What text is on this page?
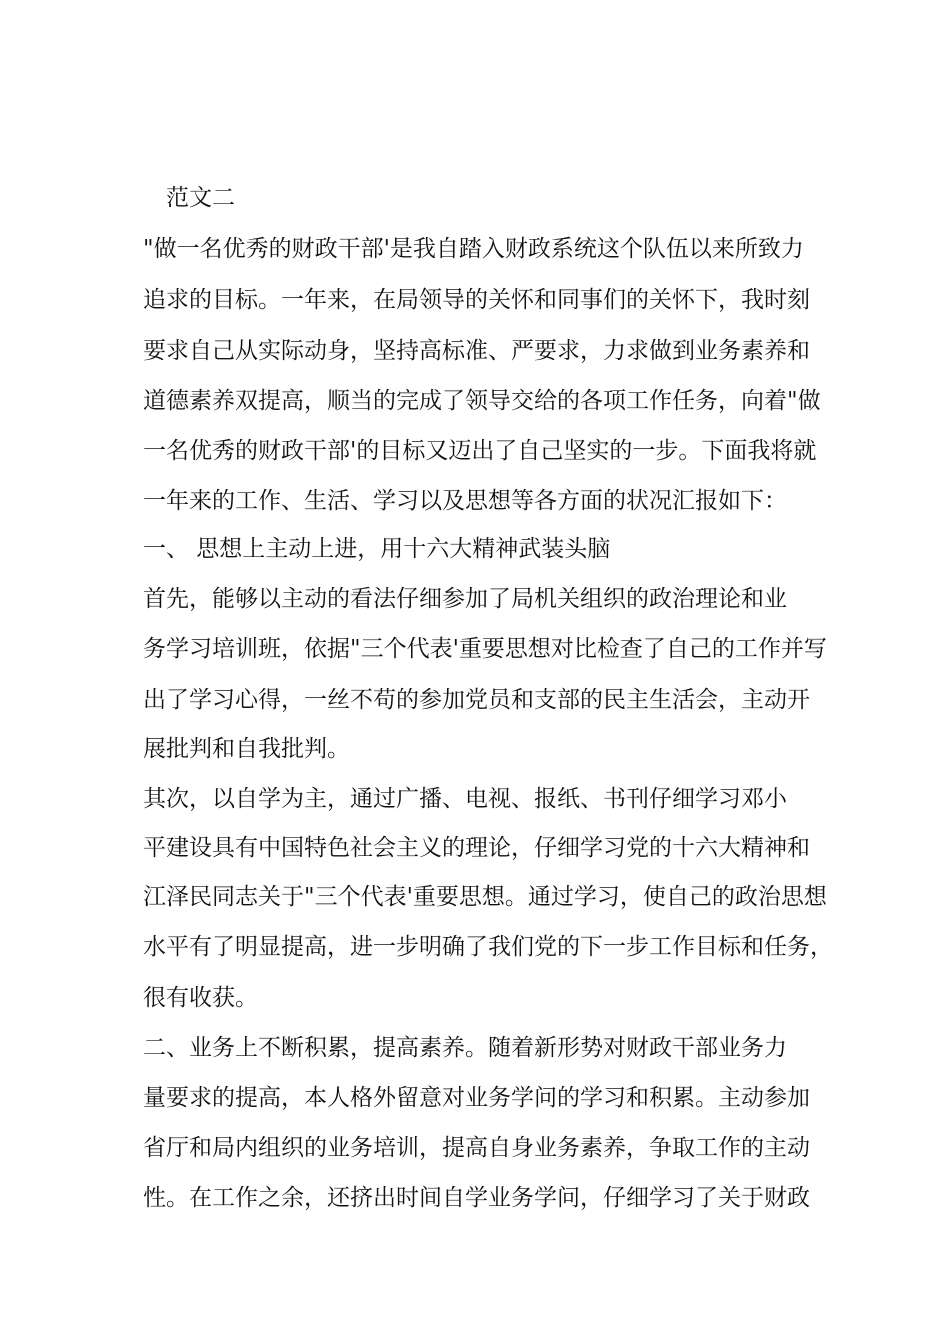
　范文二
"做一名优秀的财政干部'是我自踏入财政系统这个队伍以来所致力
追求的目标。一年来，在局领导的关怀和同事们的关怀下，我时刻
要求自己从实际动身，坚持高标准、严要求，力求做到业务素养和
道德素养双提高，顺当的完成了领导交给的各项工作任务，向着"做
一名优秀的财政干部'的目标又迈出了自己坚实的一步。下面我将就
一年来的工作、生活、学习以及思想等各方面的状况汇报如下：
一、 思想上主动上进，用十六大精神武装头脑
首先，能够以主动的看法仔细参加了局机关组织的政治理论和业
务学习培训班，依据"三个代表'重要思想对比检查了自己的工作并写
出了学习心得，一丝不苟的参加党员和支部的民主生活会，主动开
展批判和自我批判。
其次，以自学为主，通过广播、电视、报纸、书刊仔细学习邓小
平建设具有中国特色社会主义的理论，仔细学习党的十六大精神和
江泽民同志关于"三个代表'重要思想。通过学习，使自己的政治思想
水平有了明显提高，进一步明确了我们党的下一步工作目标和任务，
很有收获。
二、业务上不断积累，提高素养。随着新形势对财政干部业务力
量要求的提高，本人格外留意对业务学问的学习和积累。主动参加
省厅和局内组织的业务培训，提高自身业务素养，争取工作的主动
性。在工作之余，还挤出时间自学业务学问，仔细学习了关于财政
